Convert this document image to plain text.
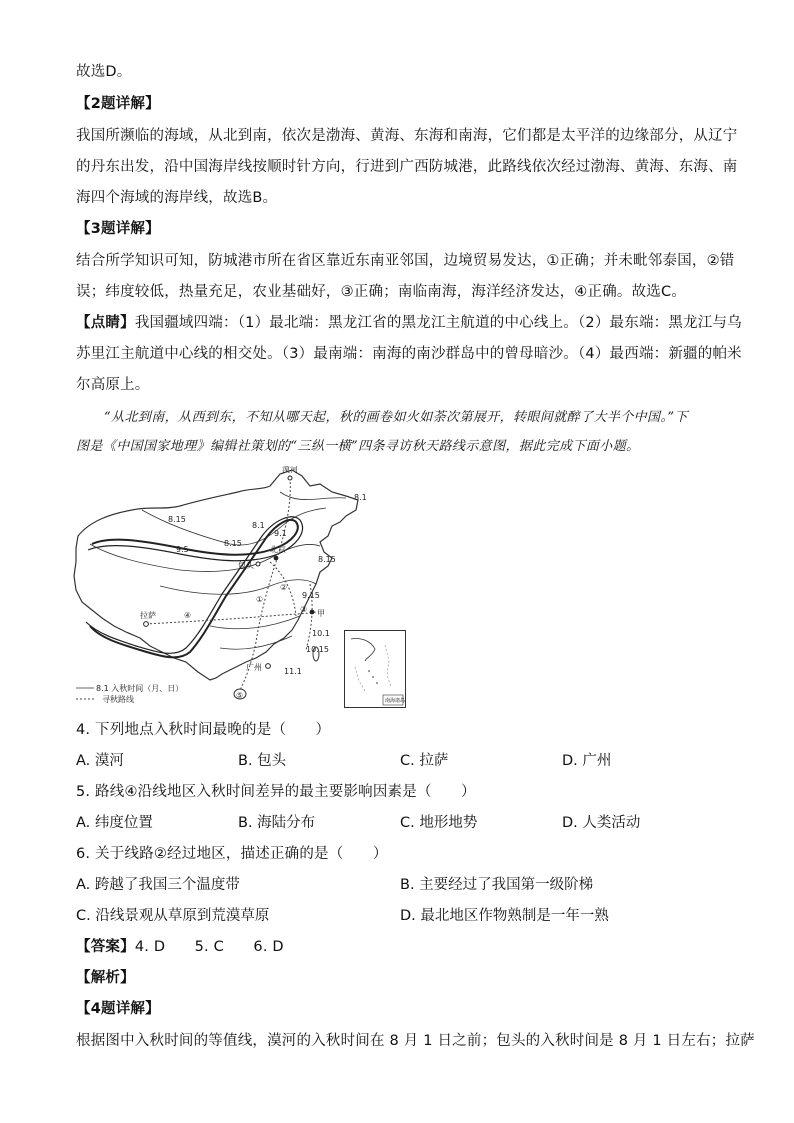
故选D。
【2题详解】
我国所濒临的海域，从北到南，依次是渤海、黄海、东海和南海，它们都是太平洋的边缘部分，从辽宁
的丹东出发，沿中国海岸线按顺时针方向，行进到广西防城港，此路线依次经过渤海、黄海、东海、南
海四个海域的海岸线，故选B。
【3题详解】
结合所学知识可知，防城港市所在省区靠近东南亚邻国，边境贸易发达，①正确；并未毗邻泰国，②错
误；纬度较低，热量充足，农业基础好，③正确；南临南海，海洋经济发达，④正确。故选C。
【点睛】我国疆域四端：（1）最北端：黑龙江省的黑龙江主航道的中心线上。（2）最东端：黑龙江与乌
苏里江主航道中心线的相交处。（3）最南端：南海的南沙群岛中的曾母暗沙。（4）最西端：新疆的帕米
尔高原上。
“从北到南，从西到东，不知从哪天起，秋的画卷如火如荼次第展开，转眼间就醉了大半个中国。”下
图是《中国国家地理》编辑社策划的“三纵一横”四条寻访秋天路线示意图，据此完成下面小题。
漠河
北京
包头
拉萨
广州
甲
①
②
③
④
⑤
8.1
8.1
8.15
8.15
8.15
9.1
9.5
9.15
10.1
10.15
11.1
8.1 入秋时间（月、日）
寻秋路线	南海诸岛
4. 下列地点入秋时间最晚的是（　　）
A. 漠河	B. 包头	C. 拉萨	D. 广州
5. 路线④沿线地区入秋时间差异的最主要影响因素是（　　）
A. 纬度位置	B. 海陆分布	C. 地形地势	D. 人类活动
6. 关于线路②经过地区，描述正确的是（　　）
A. 跨越了我国三个温度带	B. 主要经过了我国第一级阶梯
C. 沿线景观从草原到荒漠草原	D. 最北地区作物熟制是一年一熟
【答案】4. D　　5. C　　6. D
【解析】
【4题详解】
根据图中入秋时间的等值线，漠河的入秋时间在 8 月 1 日之前；包头的入秋时间是 8 月 1 日左右；拉萨
